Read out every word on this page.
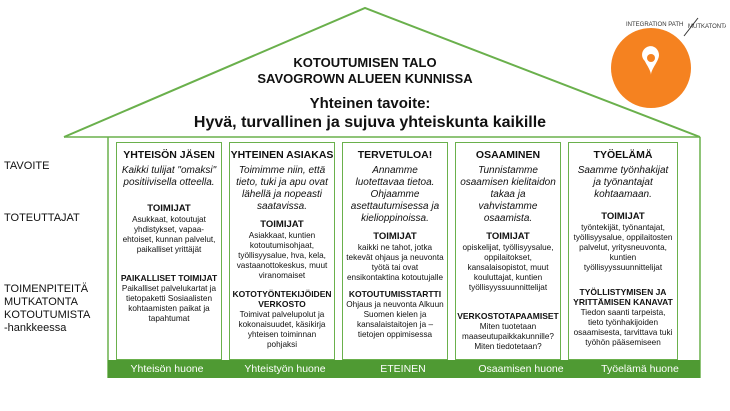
KOTOUTUMISEN TALO
SAVOGROWN ALUEEN KUNNISSA
Yhteinen tavoite:
Hyvä, turvallinen ja sujuva yhteiskunta kaikille
INTEGRATION PATH MUTKATONTA
TAVOITE
TOTEUTTAJAT
TOIMENPITEITÄ
MUTKATONTA
KOTOUTUMISTA
-hankkeessa
YHTEISÖN JÄSEN
Kaikki tulijat "omaksi" positiivisella otteella.
TOIMIJAT
Asukkaat, kotoutujat yhdistykset, vapaa-ehtoiset, kunnan palvelut, paikalliset yrittäjät
PAIKALLISET TOIMIJAT
Paikalliset palvelukartat ja tietopaketti Sosiaalisten kohtaamisten paikat ja tapahtumat
YHTEINEN ASIAKAS
Toimimme niin, että tieto, tuki ja apu ovat lähellä ja nopeasti saatavissa.
TOIMIJAT
Asiakkaat, kuntien kotoutumisohjaat, työllisyysalue, hva, kela, vastaanottokeskus, muut viranomaiset
KOTOTYÖNTEKIJÖIDEN VERKOSTO
Toimivat palvelupolut ja kokonaisuudet, käsikirja yhteisen toiminnan pohjaksi
TERVETULOA!
Annamme luotettavaa tietoa. Ohjaamme asettautumisessa ja kielioppinoissa.
TOIMIJAT
kaikki ne tahot, jotka tekevät ohjaus ja neuvonta työtä tai ovat ensikontaktina kotoutujalle
KOTOUTUMISSTARTTI
Ohjaus ja neuvonta Alkuun Suomen kielen ja kansalaistaitojen ja – tietojen oppimisessa
OSAAMINEN
Tunnistamme osaamisen kielitaidon takaa ja vahvistamme osaamista.
TOIMIJAT
opiskelijat, työllisyysalue, oppilaitokset, kansalaisopistot, muut kouluttajat, kuntien työllisyyssuunnittelijat
VERKOSTOTAPAAMISET
Miten tuotetaan maaseutupaikkakunnille? Miten tiedotetaan?
TYÖELÄMÄ
Saamme työnhakijat ja työnantajat kohtaamaan.
TOIMIJAT
työntekijät, työnantajat, työllisyysalue, oppilaitosten palvelut, yritysneuvonta, kuntien työllisyyssuunnittelijat
TYÖLLISTYMISEN JA YRITTÄMISEN KANAVAT
Tiedon saanti tarpeista, tieto työnhakijoiden osaamisesta, tarvittava tuki työhön pääsemiseen
Yhteisön huone	Yhteistyön huone	ETEINEN	Osaamisen huone	Työelämä huone
